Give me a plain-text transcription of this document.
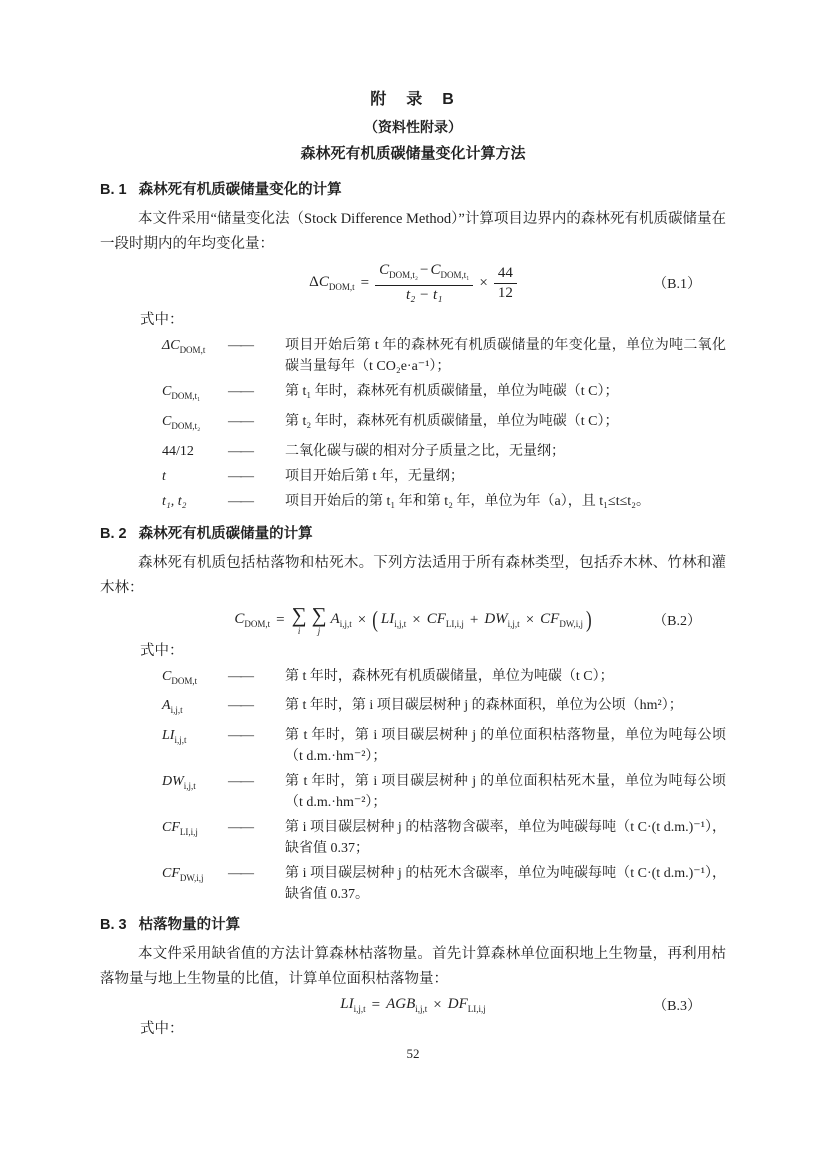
附　录　B
（资料性附录）
森林死有机质碳储量变化计算方法
B. 1 森林死有机质碳储量变化的计算
本文件采用“储量变化法（Stock Difference Method）”计算项目边界内的森林死有机质碳储量在一段时期内的年均变化量：
$\Delta C_{DOM,t} = \frac{C_{DOM,t_2} - C_{DOM,t_1}}{\text{t₂ − t₁}} \times \frac{44}{12}$	（B.1）
式中：
$\Delta C_{DOM,t}$	——	项目开始后第 t 年的森林死有机质碳储量的年变化量，单位为吨二氧化碳当量每年（t CO₂e·a⁻¹）；
$C_{DOM,t_1}$	——	第 t₁ 年时，森林死有机质碳储量，单位为吨碳（t C）；
$C_{DOM,t_2}$	——	第 t₂ 年时，森林死有机质碳储量，单位为吨碳（t C）；
44/12	——	二氧化碳与碳的相对分子质量之比，无量纲；
t	——	项目开始后第 t 年，无量纲；
t₁, t₂	——	项目开始后的第 t₁ 年和第 t₂ 年，单位为年（a），且 t₁≤t≤t₂。
B. 2 森林死有机质碳储量的计算
森林死有机质包括枯落物和枯死木。下列方法适用于所有森林类型，包括乔木林、竹林和灌木林：
$C_{DOM,t}$ = ∑
i
∑
j
$A_{i,j,t}$ × ( $LI_{i,j,t} \times CF_{LI,i,j} + DW_{i,j,t} \times CF_{DW,i,j}$ )	（B.2）
式中：
$C_{DOM,t}$	——	第 t 年时，森林死有机质碳储量，单位为吨碳（t C）；
$A_{i,j,t}$	——	第 t 年时，第 i 项目碳层树种 j 的森林面积，单位为公顷（hm²）；
$LI_{i,j,t}$	——	第 t 年时，第 i 项目碳层树种 j 的单位面积枯落物量，单位为吨每公顷（t d.m.·hm⁻²）；
$DW_{i,j,t}$	——	第 t 年时，第 i 项目碳层树种 j 的单位面积枯死木量，单位为吨每公顷（t d.m.·hm⁻²）；
$CF_{LI,i,j}$	——	第 i 项目碳层树种 j 的枯落物含碳率，单位为吨碳每吨（t C·(t d.m.)⁻¹），缺省值 0.37；
$CF_{DW,i,j}$	——	第 i 项目碳层树种 j 的枯死木含碳率，单位为吨碳每吨（t C·(t d.m.)⁻¹），缺省值 0.37。
B. 3 枯落物量的计算
本文件采用缺省值的方法计算森林枯落物量。首先计算森林单位面积地上生物量，再利用枯落物量与地上生物量的比值，计算单位面积枯落物量：
$LI_{i,j,t} = AGB_{i,j,t} \times DF_{LI,i,j}$	（B.3）
式中：
52
